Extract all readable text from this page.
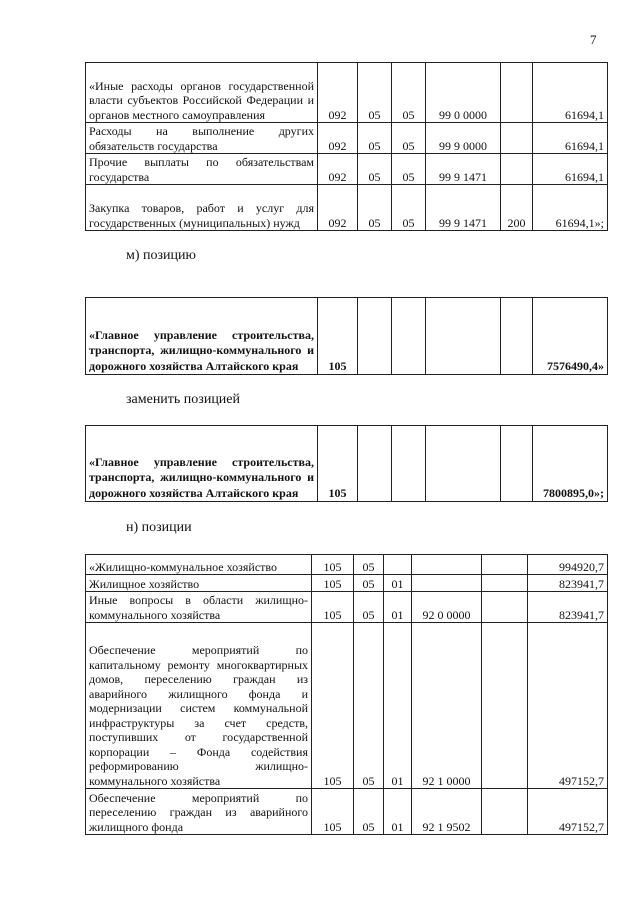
7
«Иные расходы органов государственной власти субъектов Российской Федерации и органов местного самоуправления	092	05	05	99 0 0000		61694,1
Расходы на выполнение других обязательств государства	092	05	05	99 9 0000		61694,1
Прочие выплаты по обязательствам государства	092	05	05	99 9 1471		61694,1
Закупка товаров, работ и услуг для государственных (муниципальных) нужд	092	05	05	99 9 1471	200	61694,1»;
м) позицию
«Главное управление строительства, транспорта, жилищно-коммунального и дорожного хозяйства Алтайского края	105					7576490,4»
заменить позицией
«Главное управление строительства, транспорта, жилищно-коммунального и дорожного хозяйства Алтайского края	105					7800895,0»;
н) позиции
«Жилищно-коммунальное хозяйство	105	05				994920,7
Жилищное хозяйство	105	05	01			823941,7
Иные вопросы в области жилищно-коммунального хозяйства	105	05	01	92 0 0000		823941,7
Обеспечение мероприятий по капитальному ремонту многоквартирных домов, переселению граждан из аварийного жилищного фонда и модернизации систем коммунальной инфраструктуры за счет средств, поступивших от государственной корпорации – Фонда содействия реформированию жилищно-коммунального хозяйства	105	05	01	92 1 0000		497152,7
Обеспечение мероприятий по переселению граждан из аварийного жилищного фонда	105	05	01	92 1 9502		497152,7
